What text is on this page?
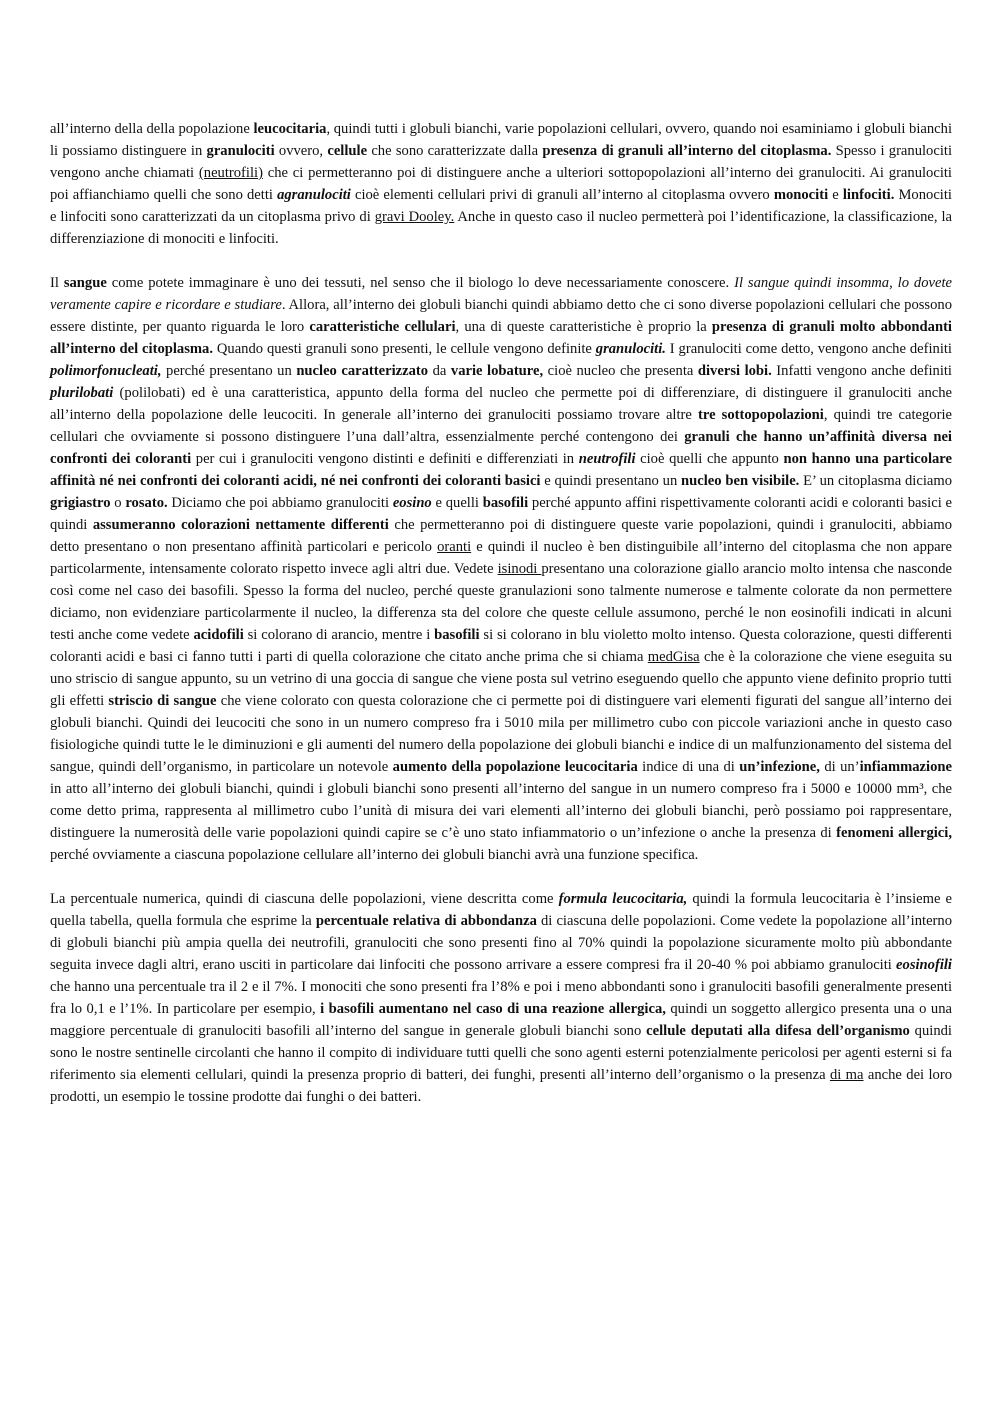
all’interno della della popolazione leucocitaria, quindi tutti i globuli bianchi, varie popolazioni cellulari, ovvero, quando noi esaminiamo i globuli bianchi li possiamo distinguere in granulociti ovvero, cellule che sono caratterizzate dalla presenza di granuli all’interno del citoplasma. Spesso i granulociti vengono anche chiamati (neutrofili) che ci permetteranno poi di distinguere anche a ulteriori sottopopolazioni all’interno dei granulociti. Ai granulociti poi affianchiamo quelli che sono detti agranulociti cioè elementi cellulari privi di granuli all’interno al citoplasma ovvero monociti e linfociti. Monociti e linfociti sono caratterizzati da un citoplasma privo di gravi Dooley. Anche in questo caso il nucleo permetterà poi l’identificazione, la classificazione, la differenziazione di monociti e linfociti.

Il sangue come potete immaginare è uno dei tessuti, nel senso che il biologo lo deve necessariamente conoscere. Il sangue quindi insomma, lo dovete veramente capire e ricordare e studiare. Allora, all’interno dei globuli bianchi quindi abbiamo detto che ci sono diverse popolazioni cellulari che possono essere distinte, per quanto riguarda le loro caratteristiche cellulari, una di queste caratteristiche è proprio la presenza di granuli molto abbondanti all’interno del citoplasma. Quando questi granuli sono presenti, le cellule vengono definite granulociti. I granulociti come detto, vengono anche definiti polimorfonucleati, perché presentano un nucleo caratterizzato da varie lobature, cioè nucleo che presenta diversi lobi. Infatti vengono anche definiti plurilobati (polilobati) ed è una caratteristica, appunto della forma del nucleo che permette poi di differenziare, di distinguere il granulociti anche all’interno della popolazione delle leucociti. In generale all’interno dei granulociti possiamo trovare altre tre sottopopolazioni, quindi tre categorie cellulari che ovviamente si possono distinguere l’una dall’altra, essenzialmente perché contengono dei granuli che hanno un’affinità diversa nei confronti dei coloranti per cui i granulociti vengono distinti e definiti e differenziati in neutrofili cioè quelli che appunto non hanno una particolare affinità né nei confronti dei coloranti acidi, né nei confronti dei coloranti basici e quindi presentano un nucleo ben visibile. E’ un citoplasma diciamo grigiastro o rosato. Diciamo che poi abbiamo granulociti eosino e quelli basofili perché appunto affini rispettivamente coloranti acidi e coloranti basici e quindi assumeranno colorazioni nettamente differenti che permetteranno poi di distinguere queste varie popolazioni, quindi i granulociti, abbiamo detto presentano o non presentano affinità particolari e pericolo oranti e quindi il nucleo è ben distinguibile all’interno del citoplasma che non appare particolarmente, intensamente colorato rispetto invece agli altri due. Vedete isinodi presentano una colorazione giallo arancio molto intensa che nasconde così come nel caso dei basofili. Spesso la forma del nucleo, perché queste granulazioni sono talmente numerose e talmente colorate da non permettere diciamo, non evidenziare particolarmente il nucleo, la differenza sta del colore che queste cellule assumono, perché le non eosinofili indicati in alcuni testi anche come vedete acidofili si colorano di arancio, mentre i basofili si si colorano in blu violetto molto intenso. Questa colorazione, questi differenti coloranti acidi e basi ci fanno tutti i parti di quella colorazione che citato anche prima che si chiama medGisa che è la colorazione che viene eseguita su uno striscio di sangue appunto, su un vetrino di una goccia di sangue che viene posta sul vetrino eseguendo quello che appunto viene definito proprio tutti gli effetti striscio di sangue che viene colorato con questa colorazione che ci permette poi di distinguere vari elementi figurati del sangue all’interno dei globuli bianchi. Quindi dei leucociti che sono in un numero compreso fra i 5010 mila per millimetro cubo con piccole variazioni anche in questo caso fisiologiche quindi tutte le le diminuzioni e gli aumenti del numero della popolazione dei globuli bianchi e indice di un malfunzionamento del sistema del sangue, quindi dell’organismo, in particolare un notevole aumento della popolazione leucocitaria indice di una di un’infezione, di un’infiammazione in atto all’interno dei globuli bianchi, quindi i globuli bianchi sono presenti all’interno del sangue in un numero compreso fra i 5000 e 10000 mm³, che come detto prima, rappresenta al millimetro cubo l’unità di misura dei vari elementi all’interno dei globuli bianchi, però possiamo poi rappresentare, distinguere la numerosità delle varie popolazioni quindi capire se c’è uno stato infiammatorio o un’infezione o anche la presenza di fenomeni allergici, perché ovviamente a ciascuna popolazione cellulare all’interno dei globuli bianchi avrà una funzione specifica.

La percentuale numerica, quindi di ciascuna delle popolazioni, viene descritta come formula leucocitaria, quindi la formula leucocitaria è l’insieme e quella tabella, quella formula che esprime la percentuale relativa di abbondanza di ciascuna delle popolazioni. Come vedete la popolazione all’interno di globuli bianchi più ampia quella dei neutrofili, granulociti che sono presenti fino al 70% quindi la popolazione sicuramente molto più abbondante seguita invece dagli altri, erano usciti in particolare dai linfociti che possono arrivare a essere compresi fra il 20-40 % poi abbiamo granulociti eosinofili che hanno una percentuale tra il 2 e il 7%. I monociti che sono presenti fra l’8% e poi i meno abbondanti sono i granulociti basofili generalmente presenti fra lo 0,1 e l’1%. In particolare per esempio, i basofili aumentano nel caso di una reazione allergica, quindi un soggetto allergico presenta una o una maggiore percentuale di granulociti basofili all’interno del sangue in generale globuli bianchi sono cellule deputati alla difesa dell’organismo quindi sono le nostre sentinelle circolanti che hanno il compito di individuare tutti quelli che sono agenti esterni potenzialmente pericolosi per agenti esterni si fa riferimento sia elementi cellulari, quindi la presenza proprio di batteri, dei funghi, presenti all’interno dell’organismo o la presenza di ma anche dei loro prodotti, un esempio le tossine prodotte dai funghi o dei batteri.
